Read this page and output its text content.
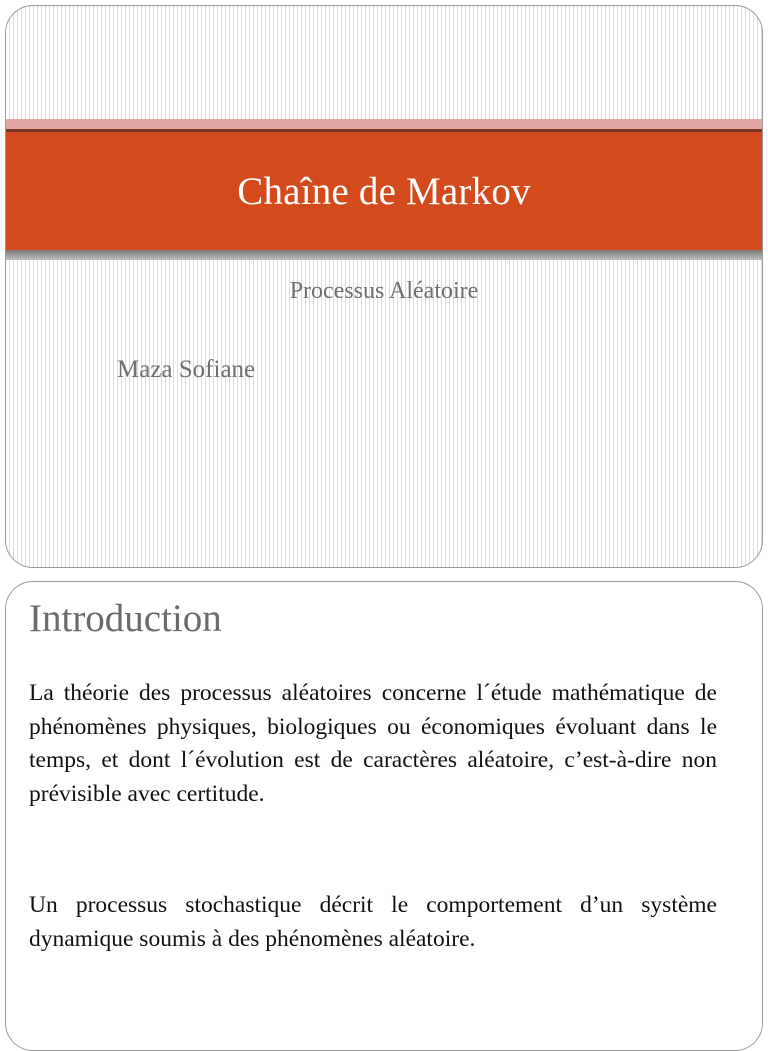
Chaîne de Markov
Processus Aléatoire
Maza Sofiane
Introduction
La théorie des processus aléatoires concerne l´étude mathématique de phénomènes physiques, biologiques ou économiques évoluant dans le temps, et dont l´évolution est de caractères aléatoire, c’est-à-dire non prévisible avec certitude.
Un processus stochastique décrit le comportement d’un système dynamique soumis à des phénomènes aléatoire.
